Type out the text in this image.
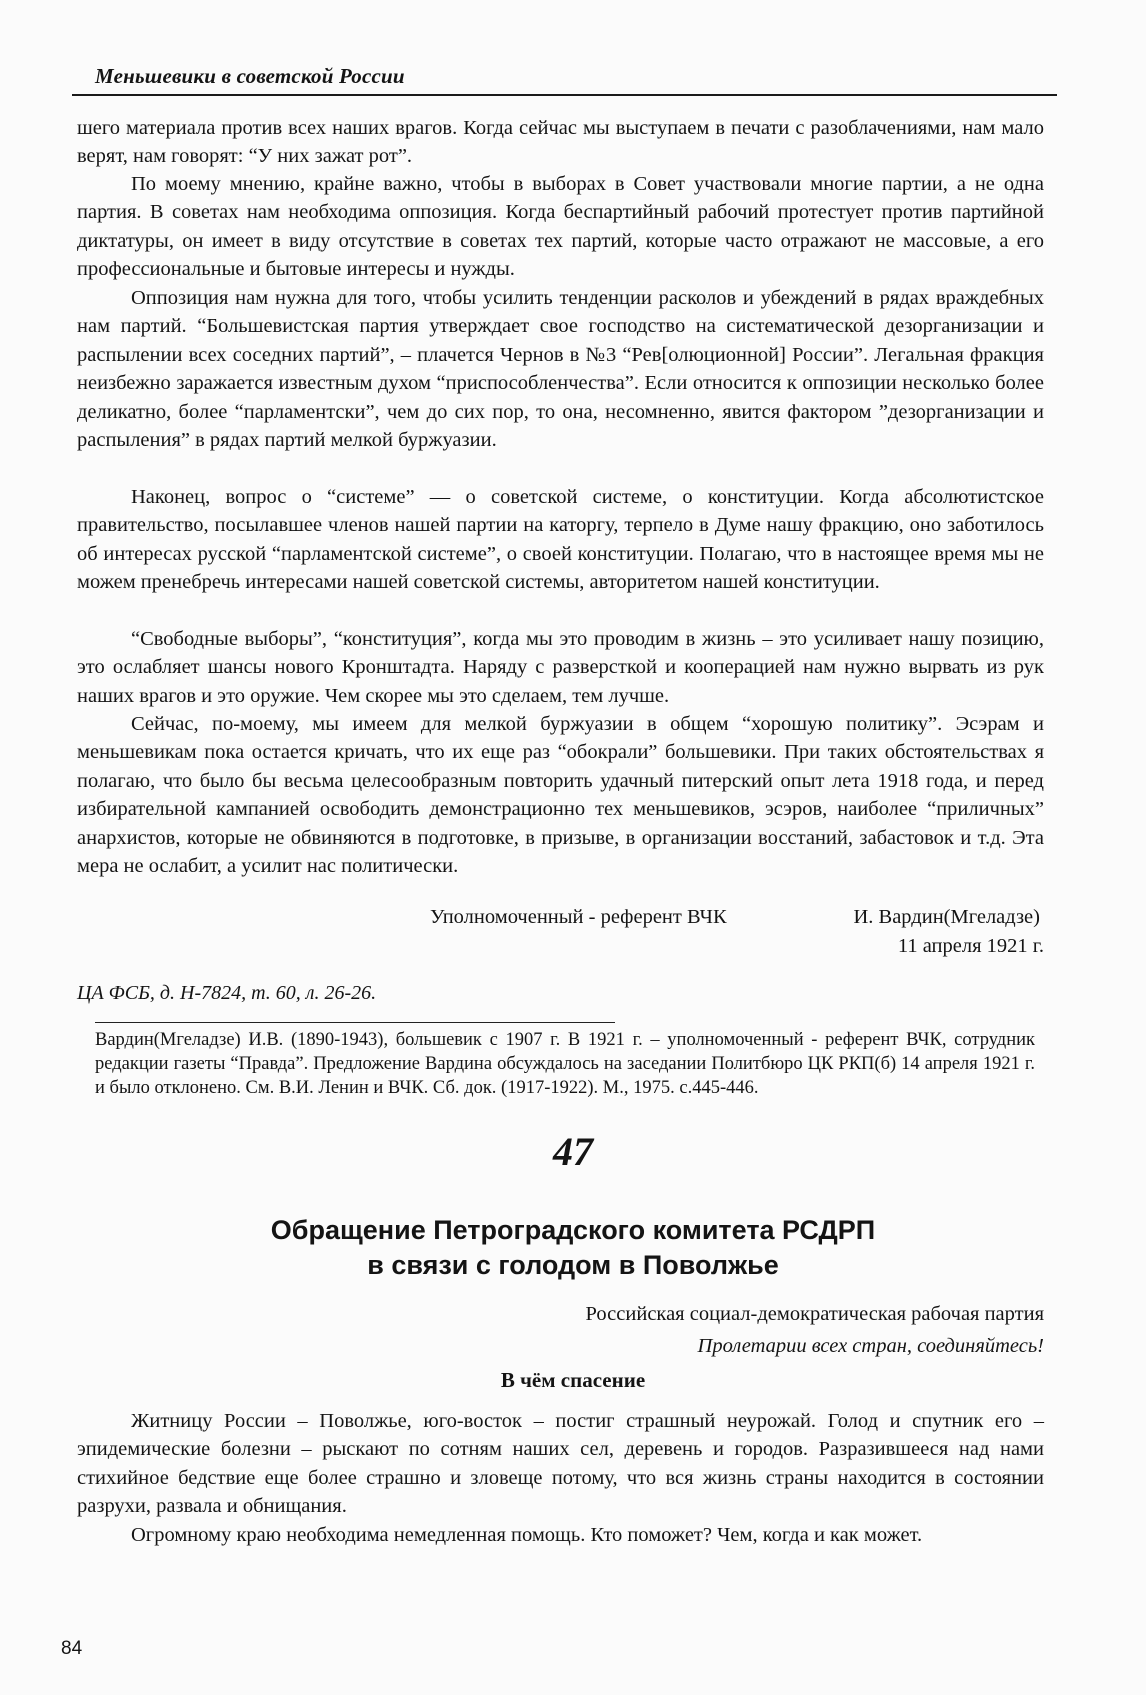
Меньшевики в советской России

шего материала против всех наших врагов. Когда сейчас мы выступаем в печати с разоблачениями, нам мало верят, нам говорят: “У них зажат рот”.

По моему мнению, крайне важно, чтобы в выборах в Совет участвовали многие партии, а не одна партия. В советах нам необходима оппозиция. Когда беспартийный рабочий протестует против партийной диктатуры, он имеет в виду отсутствие в советах тех партий, которые часто отражают не массовые, а его профессиональные и бытовые интересы и нужды.

Оппозиция нам нужна для того, чтобы усилить тенденции расколов и убеждений в рядах враждебных нам партий. “Большевистская партия утверждает свое господство на систематической дезорганизации и распылении всех соседних партий”, – плачется Чернов в №3 “Рев[олюционной] России”. Легальная фракция неизбежно заражается известным духом “приспособленчества”. Если относится к оппозиции несколько более деликатно, более “парламентски”, чем до сих пор, то она, несомненно, явится фактором ”дезорганизации и распыления” в рядах партий мелкой буржуазии.

Наконец, вопрос о “системе” — о советской системе, о конституции. Когда абсолютистское правительство, посылавшее членов нашей партии на каторгу, терпело в Думе нашу фракцию, оно заботилось об интересах русской “парламентской системе”, о своей конституции. Полагаю, что в настоящее время мы не можем пренебречь интересами нашей советской системы, авторитетом нашей конституции.

“Свободные выборы”, “конституция”, когда мы это проводим в жизнь – это усиливает нашу позицию, это ослабляет шансы нового Кронштадта. Наряду с разверсткой и кооперацией нам нужно вырвать из рук наших врагов и это оружие. Чем скорее мы это сделаем, тем лучше.

Сейчас, по-моему, мы имеем для мелкой буржуазии в общем “хорошую политику”. Эсэрам и меньшевикам пока остается кричать, что их еще раз “обокрали” большевики. При таких обстоятельствах я полагаю, что было бы весьма целесообразным повторить удачный питерский опыт лета 1918 года, и перед избирательной кампанией освободить демонстрационно тех меньшевиков, эсэров, наиболее “приличных” анархистов, которые не обвиняются в подготовке, в призыве, в организации восстаний, забастовок и т.д. Эта мера не ослабит, а усилит нас политически.

Уполномоченный - референт ВЧК	И. Вардин(Мгеладзе)
11 апреля 1921 г.
ЦА ФСБ, д. Н-7824, т. 60, л. 26-26.

Вардин(Мгеладзе) И.В. (1890-1943), большевик с 1907 г. В 1921 г. – уполномоченный - референт ВЧК, сотрудник редакции газеты “Правда”. Предложение Вардина обсуждалось на заседании Политбюро ЦК РКП(б) 14 апреля 1921 г. и было отклонено. См. В.И. Ленин и ВЧК. Сб. док. (1917-1922). М., 1975. с.445-446.

47
Обращение Петроградского комитета РСДРП
в связи с голодом в Поволжье
Российская социал-демократическая рабочая партия
Пролетарии всех стран, соединяйтесь!
В чём спасение

Житницу России – Поволжье, юго-восток – постиг страшный неурожай. Голод и спутник его – эпидемические болезни – рыскают по сотням наших сел, деревень и городов. Разразившееся над нами стихийное бедствие еще более страшно и зловеще потому, что вся жизнь страны находится в состоянии разрухи, развала и обнищания.

Огромному краю необходима немедленная помощь. Кто поможет? Чем, когда и как может.

84
